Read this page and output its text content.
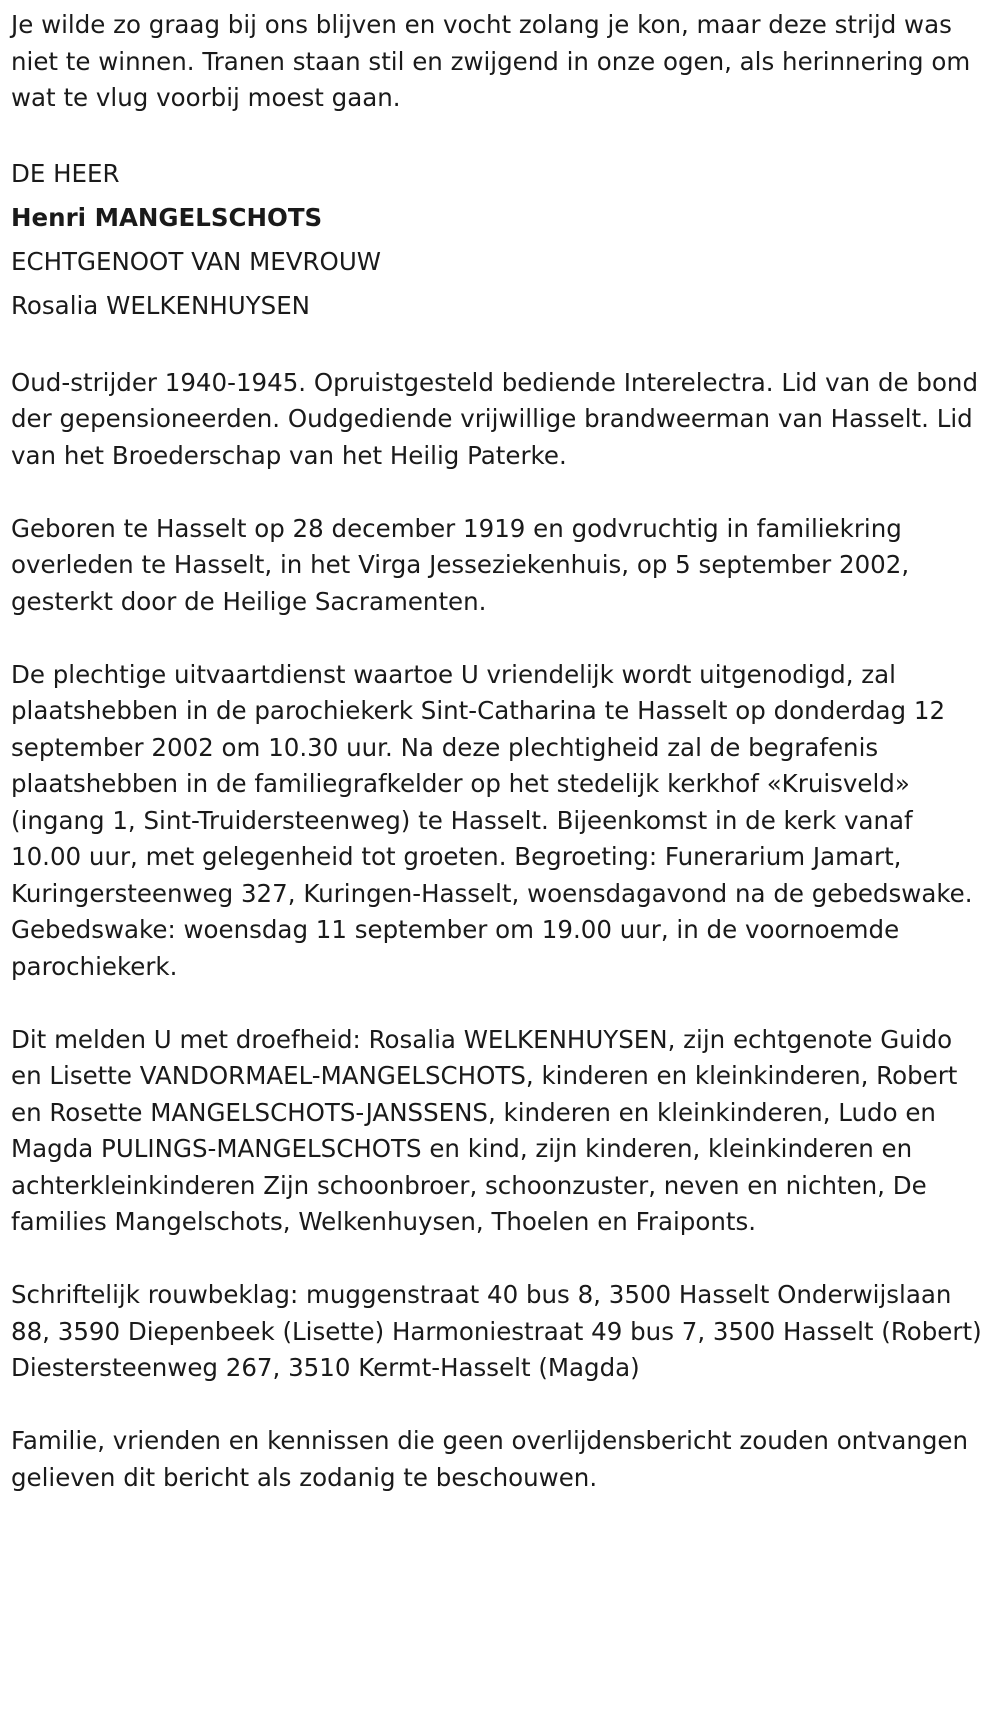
Je wilde zo graag bij ons blijven en vocht zolang je kon, maar deze strijd was niet te winnen. Tranen staan stil en zwijgend in onze ogen, als herinnering om wat te vlug voorbij moest gaan.

DE HEER
Henri MANGELSCHOTS
ECHTGENOOT VAN MEVROUW
Rosalia WELKENHUYSEN

Oud-strijder 1940-1945. Opruistgesteld bediende Interelectra. Lid van de bond der gepensioneerden. Oudgediende vrijwillige brandweerman van Hasselt. Lid van het Broederschap van het Heilig Paterke.

Geboren te Hasselt op 28 december 1919 en godvruchtig in familiekring overleden te Hasselt, in het Virga Jesseziekenhuis, op 5 september 2002, gesterkt door de Heilige Sacramenten.

De plechtige uitvaartdienst waartoe U vriendelijk wordt uitgenodigd, zal plaatshebben in de parochiekerk Sint-Catharina te Hasselt op donderdag 12 september 2002 om 10.30 uur. Na deze plechtigheid zal de begrafenis plaatshebben in de familiegrafkelder op het stedelijk kerkhof «Kruisveld» (ingang 1, Sint-Truidersteenweg) te Hasselt. Bijeenkomst in de kerk vanaf 10.00 uur, met gelegenheid tot groeten. Begroeting: Funerarium Jamart, Kuringersteenweg 327, Kuringen-Hasselt, woensdagavond na de gebedswake. Gebedswake: woensdag 11 september om 19.00 uur, in de voornoemde parochiekerk.

Dit melden U met droefheid: Rosalia WELKENHUYSEN, zijn echtgenote Guido en Lisette VANDORMAEL-MANGELSCHOTS, kinderen en kleinkinderen, Robert en Rosette MANGELSCHOTS-JANSSENS, kinderen en kleinkinderen, Ludo en Magda PULINGS-MANGELSCHOTS en kind, zijn kinderen, kleinkinderen en achterkleinkinderen Zijn schoonbroer, schoonzuster, neven en nichten, De families Mangelschots, Welkenhuysen, Thoelen en Fraiponts.

Schriftelijk rouwbeklag: muggenstraat 40 bus 8, 3500 Hasselt Onderwijslaan 88, 3590 Diepenbeek (Lisette) Harmoniestraat 49 bus 7, 3500 Hasselt (Robert) Diestersteenweg 267, 3510 Kermt-Hasselt (Magda)

Familie, vrienden en kennissen die geen overlijdensbericht zouden ontvangen gelieven dit bericht als zodanig te beschouwen.
